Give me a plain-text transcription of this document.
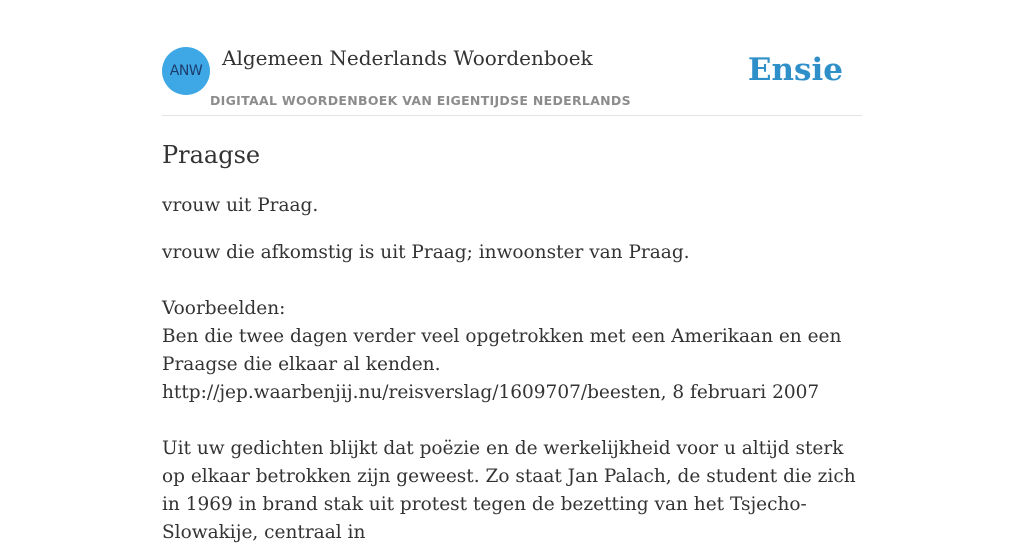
ANW
Algemeen Nederlands Woordenboek
DIGITAAL WOORDENBOEK VAN EIGENTIJDSE NEDERLANDS
Ensie
Praagse

vrouw uit Praag.

vrouw die afkomstig is uit Praag; inwoonster van Praag.

Voorbeelden:

Ben die twee dagen verder veel opgetrokken met een Amerikaan en een Praagse die elkaar al kenden.

http://jep.waarbenjij.nu/reisverslag/1609707/beesten, 8 februari 2007

Uit uw gedichten blijkt dat poëzie en de werkelijkheid voor u altijd sterk op elkaar betrokken zijn geweest. Zo staat Jan Palach, de student die zich in 1969 in brand stak uit protest tegen de bezetting van het Tsjecho-Slowakije, centraal in
